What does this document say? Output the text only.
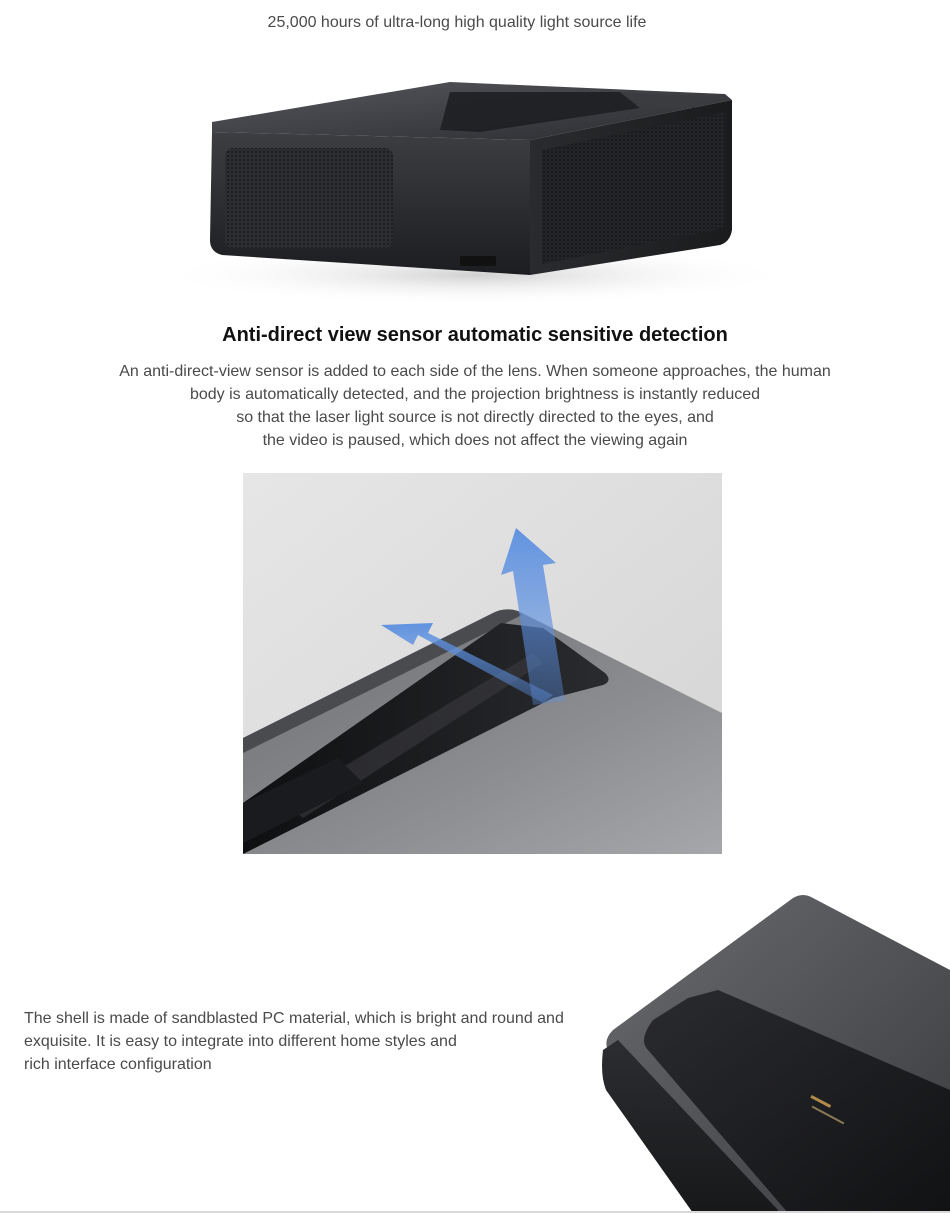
25,000 hours of ultra-long high quality light source life
Anti-direct view sensor automatic sensitive detection
An anti-direct-view sensor is added to each side of the lens. When someone approaches, the human
body is automatically detected, and the projection brightness is instantly reduced
so that the laser light source is not directly directed to the eyes, and
the video is paused, which does not affect the viewing again
The shell is made of sandblasted PC material, which is bright and round and
exquisite. It is easy to integrate into different home styles and
rich interface configuration
